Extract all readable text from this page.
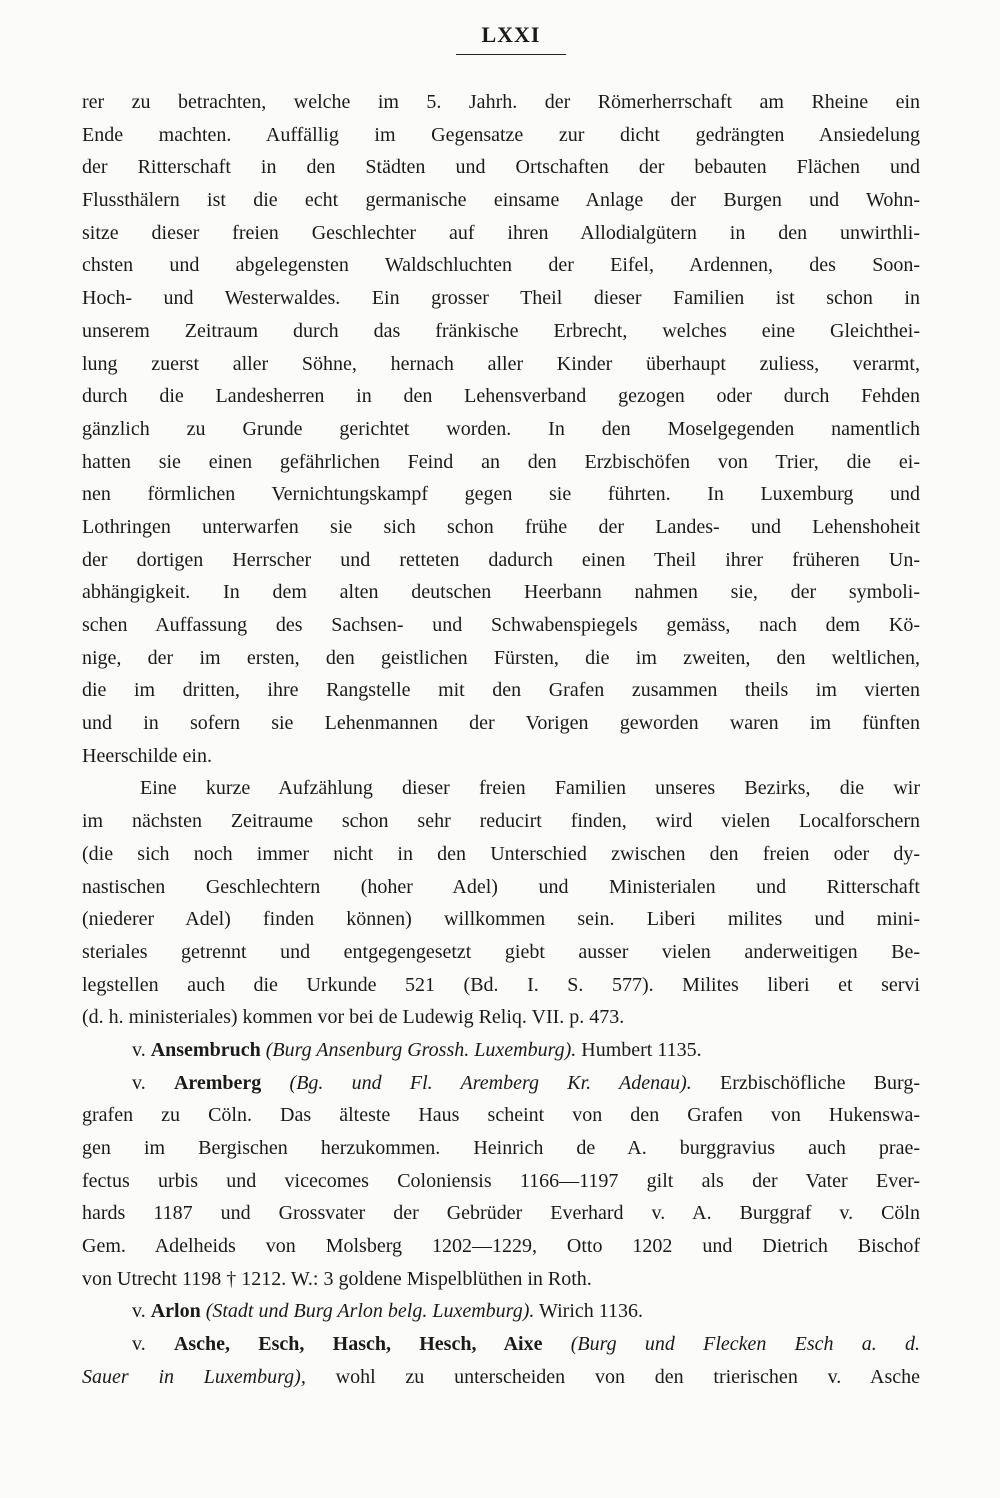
LXXI
rer zu betrachten, welche im 5. Jahrh. der Römerherrschaft am Rheine ein
Ende machten. Auffällig im Gegensatze zur dicht gedrängten Ansiedelung
der Ritterschaft in den Städten und Ortschaften der bebauten Flächen und
Flussthälern ist die echt germanische einsame Anlage der Burgen und Wohn-
sitze dieser freien Geschlechter auf ihren Allodialgütern in den unwirthli-
chsten und abgelegensten Waldschluchten der Eifel, Ardennen, des Soon-
Hoch- und Westerwaldes. Ein grosser Theil dieser Familien ist schon in
unserem Zeitraum durch das fränkische Erbrecht, welches eine Gleichthei-
lung zuerst aller Söhne, hernach aller Kinder überhaupt zuliess, verarmt,
durch die Landesherren in den Lehensverband gezogen oder durch Fehden
gänzlich zu Grunde gerichtet worden. In den Moselgegenden namentlich
hatten sie einen gefährlichen Feind an den Erzbischöfen von Trier, die ei-
nen förmlichen Vernichtungskampf gegen sie führten. In Luxemburg und
Lothringen unterwarfen sie sich schon frühe der Landes- und Lehenshoheit
der dortigen Herrscher und retteten dadurch einen Theil ihrer früheren Un-
abhängigkeit. In dem alten deutschen Heerbann nahmen sie, der symboli-
schen Auffassung des Sachsen- und Schwabenspiegels gemäss, nach dem Kö-
nige, der im ersten, den geistlichen Fürsten, die im zweiten, den weltlichen,
die im dritten, ihre Rangstelle mit den Grafen zusammen theils im vierten
und in sofern sie Lehenmannen der Vorigen geworden waren im fünften
Heerschilde ein.
Eine kurze Aufzählung dieser freien Familien unseres Bezirks, die wir
im nächsten Zeitraume schon sehr reducirt finden, wird vielen Localforschern
(die sich noch immer nicht in den Unterschied zwischen den freien oder dy-
nastischen Geschlechtern (hoher Adel) und Ministerialen und Ritterschaft
(niederer Adel) finden können) willkommen sein. Liberi milites und mini-
steriales getrennt und entgegengesetzt giebt ausser vielen anderweitigen Be-
legstellen auch die Urkunde 521 (Bd. I. S. 577). Milites liberi et servi
(d. h. ministeriales) kommen vor bei de Ludewig Reliq. VII. p. 473.
v. Ansembruch (Burg Ansenburg Grossh. Luxemburg). Humbert 1135.
v. Aremberg (Bg. und Fl. Aremberg Kr. Adenau). Erzbischöfliche Burg-
grafen zu Cöln. Das älteste Haus scheint von den Grafen von Hukenswa-
gen im Bergischen herzukommen. Heinrich de A. burggravius auch prae-
fectus urbis und vicecomes Coloniensis 1166—1197 gilt als der Vater Ever-
hards 1187 und Grossvater der Gebrüder Everhard v. A. Burggraf v. Cöln
Gem. Adelheids von Molsberg 1202—1229, Otto 1202 und Dietrich Bischof
von Utrecht 1198 † 1212. W.: 3 goldene Mispelblüthen in Roth.
v. Arlon (Stadt und Burg Arlon belg. Luxemburg). Wirich 1136.
v. Asche, Esch, Hasch, Hesch, Aixe (Burg und Flecken Esch a. d.
Sauer in Luxemburg), wohl zu unterscheiden von den trierischen v. Asche
